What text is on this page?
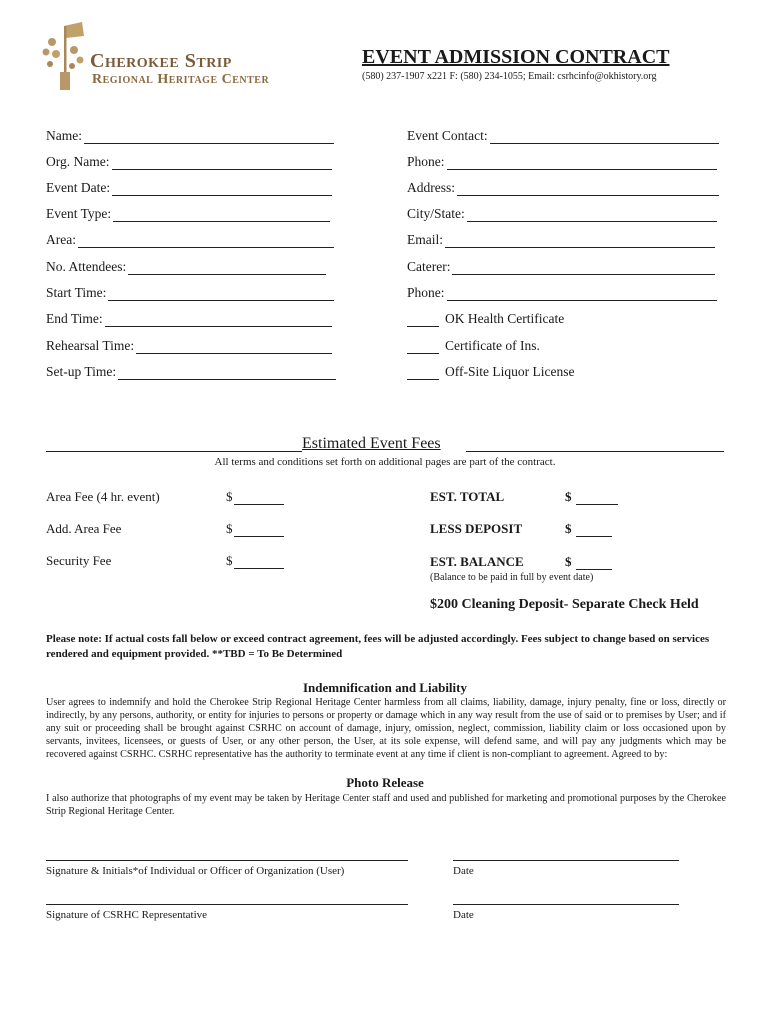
Cherokee Strip
Regional Heritage Center
EVENT ADMISSION CONTRACT
(580) 237-1907 x221 F: (580) 234-1055; Email: csrhcinfo@okhistory.org
Name:
Org. Name:
Event Date:
Event Type:
Area:
No. Attendees:
Start Time:
End Time:
Rehearsal Time:
Set-up Time:
Event Contact:
Phone:
Address:
City/State:
Email:
Caterer:
Phone:
OK Health Certificate
Certificate of Ins.
Off-Site Liquor License
Estimated Event Fees
All terms and conditions set forth on additional pages are part of the contract.
Area Fee (4 hr. event)	$
Add. Area Fee	$
Security Fee	$
EST. TOTAL	$
LESS DEPOSIT	$
EST. BALANCE	$
(Balance to be paid in full by event date)
$200 Cleaning Deposit- Separate Check Held
Please note: If actual costs fall below or exceed contract agreement, fees will be adjusted accordingly. Fees subject to change based on services rendered and equipment provided. **TBD = To Be Determined
Indemnification and Liability
User agrees to indemnify and hold the Cherokee Strip Regional Heritage Center harmless from all claims, liability, damage, injury penalty, fine or loss, directly or indirectly, by any persons, authority, or entity for injuries to persons or property or damage which in any way result from the use of said or to premises by User; and if any suit or proceeding shall be brought against CSRHC on account of damage, injury, omission, neglect, commission, liability claim or loss occasioned upon by servants, invitees, licensees, or guests of User, or any other person, the User, at its sole expense, will defend same, and will pay any judgments which may be recovered against CSRHC. CSRHC representative has the authority to terminate event at any time if client is non-compliant to agreement. Agreed to by:
Photo Release
I also authorize that photographs of my event may be taken by Heritage Center staff and used and published for marketing and promotional purposes by the Cherokee Strip Regional Heritage Center.
Signature & Initials*of Individual or Officer of Organization (User)	Date
Signature of CSRHC Representative	Date
